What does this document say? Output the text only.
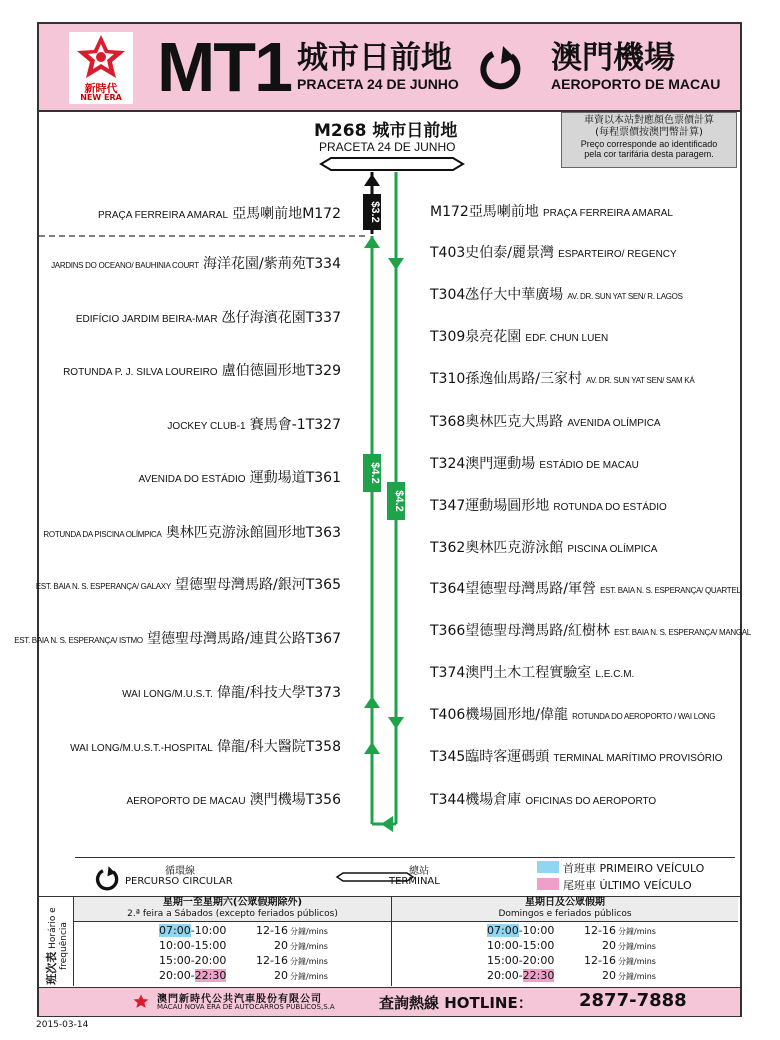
新時代
NEW ERA MT1 城市日前地
PRACETA 24 DE JUNHO
澳門機場
AEROPORTO DE MACAU
車資以本站對應顏色票價計算
(每程票價按澳門幣計算)
Preço corresponde ao identificado
pela cor tarifária desta paragem.
M268 城市日前地
PRACETA 24 DE JUNHO
$3.2
$4.2
$4.2
循環線
PERCURSO CIRCULAR
總站
TERMINAL
首班車 PRIMEIRO VEÍCULO
尾班車 ÚLTIMO VEÍCULO
班次表 Horário e frequência
星期一至星期六(公眾假期除外)
2.ª feira a Sábados (excepto feriados públicos)
星期日及公眾假期
Domingos e feriados públicos
07:00-10:00	12-16 分鐘/mins
10:00-15:00	20 分鐘/mins
15:00-20:00	12-16 分鐘/mins
20:00-22:30	20 分鐘/mins
07:00-10:00	12-16 分鐘/mins
10:00-15:00	20 分鐘/mins
15:00-20:00	12-16 分鐘/mins
20:00-22:30	20 分鐘/mins
澳門新時代公共汽車股份有限公司
MACAU NOVA ERA DE AUTOCARROS PUBLICOS,S.A	查詢熱線 HOTLINE：	2877-7888
PRAÇA FERREIRA AMARAL 亞馬喇前地M172
JARDINS DO OCEANO/ BAUHINIA COURT 海洋花園/紫荊苑T334
EDIFÍCIO JARDIM BEIRA-MAR 氹仔海濱花園T337
ROTUNDA P. J. SILVA LOUREIRO 盧伯德圓形地T329
JOCKEY CLUB-1 賽馬會-1T327
AVENIDA DO ESTÁDIO 運動場道T361
ROTUNDA DA PISCINA OLÍMPICA 奧林匹克游泳館圓形地T363
EST. BAIA N. S. ESPERANÇA/ GALAXY 望德聖母灣馬路/銀河T365
EST. BAIA N. S. ESPERANÇA/ ISTMO 望德聖母灣馬路/連貫公路T367
WAI LONG/M.U.S.T. 偉龍/科技大學T373
WAI LONG/M.U.S.T.-HOSPITAL 偉龍/科大醫院T358
AEROPORTO DE MACAU 澳門機場T356
M172亞馬喇前地 PRAÇA FERREIRA AMARAL
T403史伯泰/麗景灣 ESPARTEIRO/ REGENCY
T304氹仔大中華廣場 AV. DR. SUN YAT SEN/ R. LAGOS
T309泉亮花園 EDF. CHUN LUEN
T310孫逸仙馬路/三家村 AV. DR. SUN YAT SEN/ SAM KÁ
T368奧林匹克大馬路 AVENIDA OLÍMPICA
T324澳門運動場 ESTÁDIO DE MACAU
T347運動場圓形地 ROTUNDA DO ESTÁDIO
T362奧林匹克游泳館 PISCINA OLÍMPICA
T364望德聖母灣馬路/軍營 EST. BAIA N. S. ESPERANÇA/ QUARTEL
T366望德聖母灣馬路/紅樹林 EST. BAIA N. S. ESPERANÇA/ MANGAL
T374澳門土木工程實驗室 L.E.C.M.
T406機場圓形地/偉龍 ROTUNDA DO AEROPORTO / WAI LONG
T345臨時客運碼頭 TERMINAL MARÍTIMO PROVISÓRIO
T344機場倉庫 OFICINAS DO AEROPORTO
2015-03-14
